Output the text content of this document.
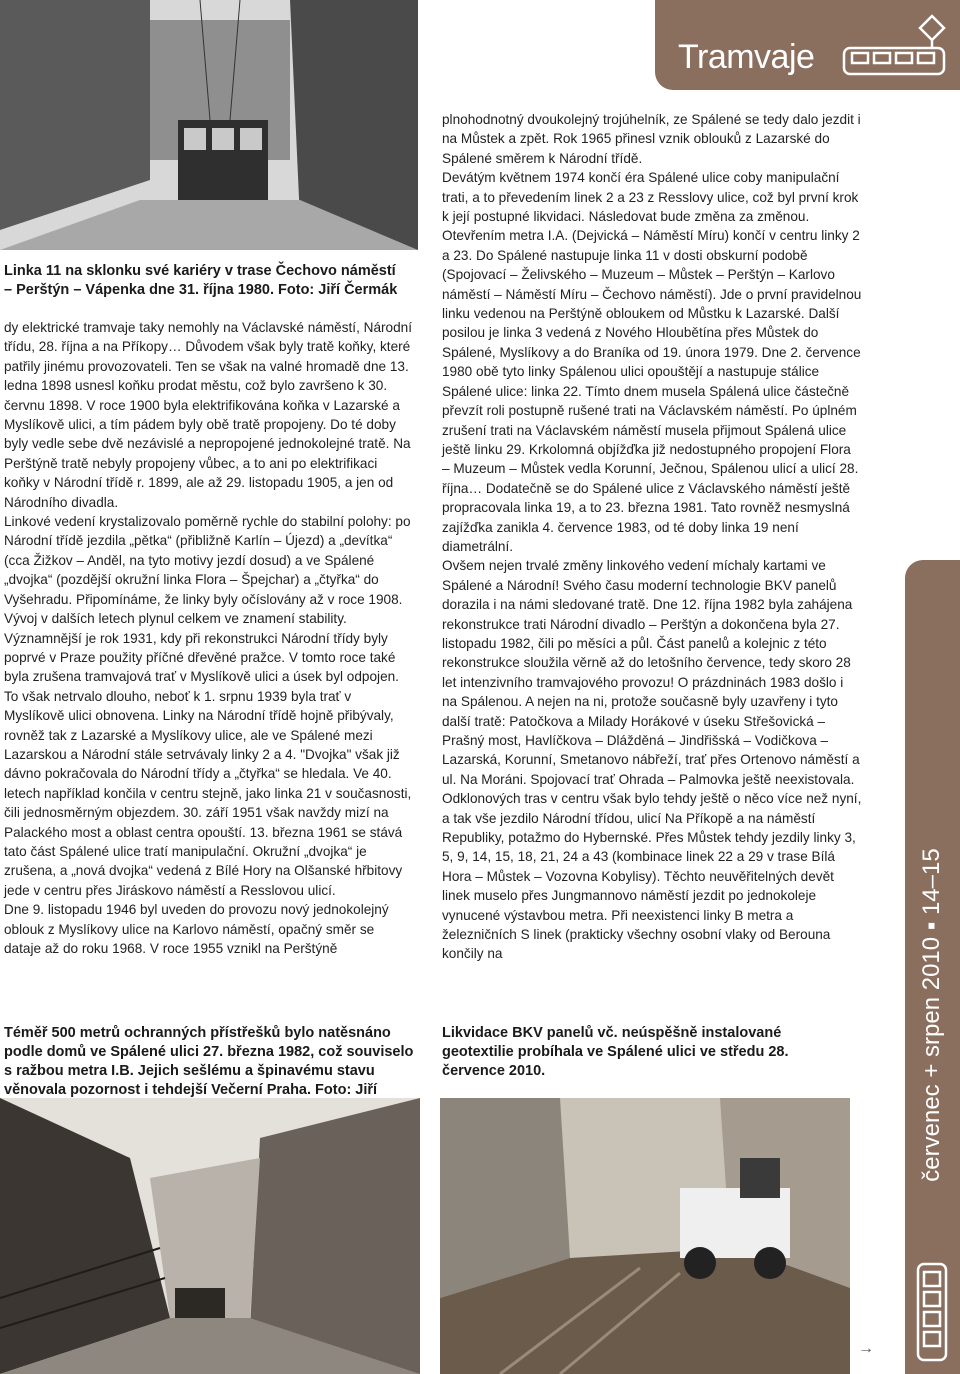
Tramvaje
červenec + srpen 2010 ▪ 14–15

Linka 11 na sklonku své kariéry v trase Čechovo náměstí – Perštýn – Vápenka dne 31. října 1980. Foto: Jiří Čermák

dy elektrické tramvaje taky nemohly na Václavské náměstí, Národní třídu, 28. října a na Příkopy… Důvodem však byly tratě koňky, které patřily jinému provozovateli. Ten se však na valné hromadě dne 13. ledna 1898 usnesl koňku prodat městu, což bylo završeno k 30. červnu 1898. V roce 1900 byla elektrifikována koňka v Lazarské a Myslíkově ulici, a tím pádem byly obě tratě propojeny. Do té doby byly vedle sebe dvě nezávislé a nepropojené jednokolejné tratě. Na Perštýně tratě nebyly propojeny vůbec, a to ani po elektrifikaci koňky v Národní třídě r. 1899, ale až 29. listopadu 1905, a jen od Národního divadla.

Linkové vedení krystalizovalo poměrně rychle do stabilní polohy: po Národní třídě jezdila „pětka“ (přibližně Karlín – Újezd) a „devítka“ (cca Žižkov – Anděl, na tyto motivy jezdí dosud) a ve Spálené „dvojka“ (pozdější okružní linka Flora – Špejchar) a „čtyřka“ do Vyšehradu. Připomínáme, že linky byly očíslovány až v roce 1908.

Vývoj v dalších letech plynul celkem ve znamení stability. Významnější je rok 1931, kdy při rekonstrukci Národní třídy byly poprvé v Praze použity příčné dřevěné pražce. V tomto roce také byla zrušena tramvajová trať v Myslíkově ulici a úsek byl odpojen. To však netrvalo dlouho, neboť k 1. srpnu 1939 byla trať v Myslíkově ulici obnovena. Linky na Národní třídě hojně přibývaly, rovněž tak z Lazarské a Myslíkovy ulice, ale ve Spálené mezi Lazarskou a Národní stále setrvávaly linky 2 a 4. "Dvojka" však již dávno pokračovala do Národní třídy a „čtyřka“ se hledala. Ve 40. letech například končila v centru stejně, jako linka 21 v současnosti, čili jednosměrným objezdem. 30. září 1951 však navždy mizí na Palackého most a oblast centra opouští. 13. března 1961 se stává tato část Spálené ulice tratí manipulační. Okružní „dvojka“ je zrušena, a „nová dvojka“ vedená z Bílé Hory na Olšanské hřbitovy jede v centru přes Jiráskovo náměstí a Resslovou ulicí.

Dne 9. listopadu 1946 byl uveden do provozu nový jednokolejný oblouk z Myslíkovy ulice na Karlovo náměstí, opačný směr se dataje až do roku 1968. V roce 1955 vznikl na Perštýně

plnohodnotný dvoukolejný trojúhelník, ze Spálené se tedy dalo jezdit i na Můstek a zpět. Rok 1965 přinesl vznik oblouků z Lazarské do Spálené směrem k Národní třídě.

Devátým květnem 1974 končí éra Spálené ulice coby manipulační trati, a to převedením linek 2 a 23 z Resslovy ulice, což byl první krok k její postupné likvidaci. Následovat bude změna za změnou. Otevřením metra I.A. (Dejvická – Náměstí Míru) končí v centru linky 2 a 23. Do Spálené nastupuje linka 11 v dosti obskurní podobě (Spojovací – Želivského – Muzeum – Můstek – Perštýn – Karlovo náměstí – Náměstí Míru – Čechovo náměstí). Jde o první pravidelnou linku vedenou na Perštýně obloukem od Můstku k Lazarské. Další posilou je linka 3 vedená z Nového Hloubětína přes Můstek do Spálené, Myslíkovy a do Braníka od 19. února 1979. Dne 2. července 1980 obě tyto linky Spálenou ulici opouštějí a nastupuje stálice Spálené ulice: linka 22. Tímto dnem musela Spálená ulice částečně převzít roli postupně rušené trati na Václavském náměstí. Po úplném zrušení trati na Václavském náměstí musela přijmout Spálená ulice ještě linku 29. Krkolomná objížďka již nedostupného propojení Flora – Muzeum – Můstek vedla Korunní, Ječnou, Spálenou ulicí a ulicí 28. října… Dodatečně se do Spálené ulice z Václavského náměstí ještě propracovala linka 19, a to 23. března 1981. Tato rovněž nesmyslná zajížďka zanikla 4. července 1983, od té doby linka 19 není diametrální.

Ovšem nejen trvalé změny linkového vedení míchaly kartami ve Spálené a Národní! Svého času moderní technologie BKV panelů dorazila i na námi sledované tratě. Dne 12. října 1982 byla zahájena rekonstrukce trati Národní divadlo – Perštýn a dokončena byla 27. listopadu 1982, čili po měsíci a půl. Část panelů a kolejnic z této rekonstrukce sloužila věrně až do letošního července, tedy skoro 28 let intenzivního tramvajového provozu! O prázdninách 1983 došlo i na Spálenou. A nejen na ni, protože současně byly uzavřeny i tyto další tratě: Patočkova a Milady Horákové v úseku Střešovická – Prašný most, Havlíčkova – Dlážděná – Jindřišská – Vodičkova – Lazarská, Korunní, Smetanovo nábřeží, trať přes Ortenovo náměstí a ul. Na Moráni. Spojovací trať Ohrada – Palmovka ještě neexistovala. Odklonových tras v centru však bylo tehdy ještě o něco více než nyní, a tak vše jezdilo Národní třídou, ulicí Na Příkopě a na náměstí Republiky, potažmo do Hybernské. Přes Můstek tehdy jezdily linky 3, 5, 9, 14, 15, 18, 21, 24 a 43 (kombinace linek 22 a 29 v trase Bílá Hora – Můstek – Vozovna Kobylisy). Těchto neuvěřitelných devět linek muselo přes Jungmannovo náměstí jezdit po jednokoleje vynucené výstavbou metra. Při neexistenci linky B metra a železničních S linek (prakticky všechny osobní vlaky od Berouna končily na

Téměř 500 metrů ochranných přístřešků bylo natěsnáno podle domů ve Spálené ulici 27. března 1982, což souviselo s ražbou metra I.B. Jejich sešlému a špinavému stavu věnovala pozornost i tehdejší Večerní Praha. Foto: Jiří

Likvidace BKV panelů vč. neúspěšně instalované geotextilie probíhala ve Spálené ulici ve středu 28. července 2010.

→
